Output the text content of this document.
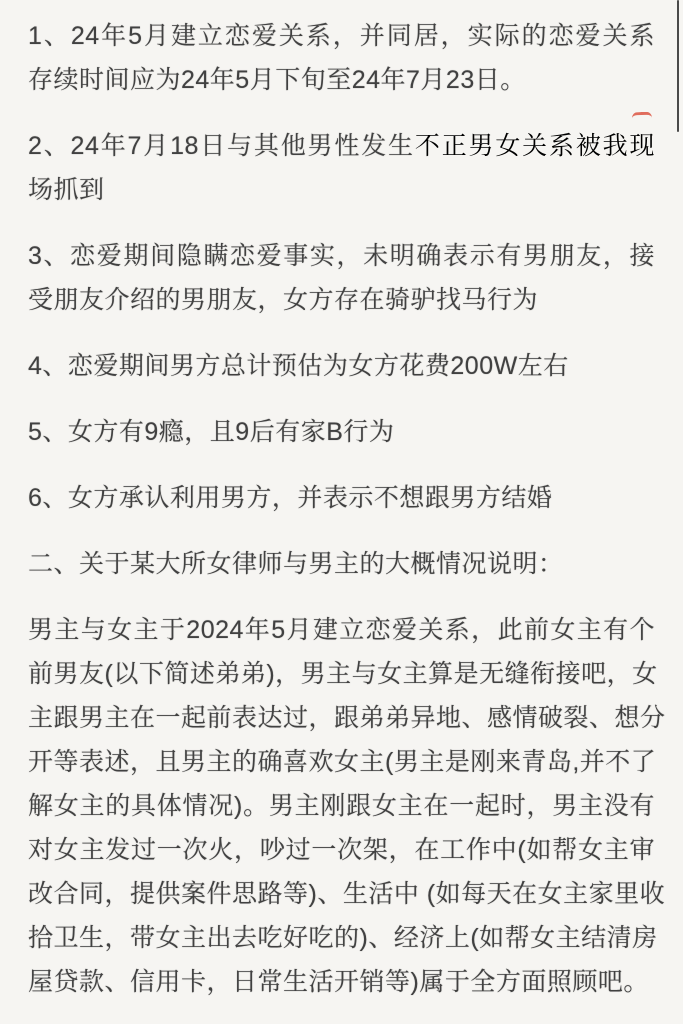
1、24年5月建立恋爱关系，并同居，实际的恋爱关系
存续时间应为24年5月下旬至24年7月23日。
2、24年7月18日与其他男性发生不正男女关系被我现
场抓到
3、恋爱期间隐瞒恋爱事实，未明确表示有男朋友，接
受朋友介绍的男朋友，女方存在骑驴找马行为
4、恋爱期间男方总计预估为女方花费200W左右
5、女方有9瘾，且9后有家B行为
6、女方承认利用男方，并表示不想跟男方结婚
二、关于某大所女律师与男主的大概情况说明：
男主与女主于2024年5月建立恋爱关系，此前女主有个
前男友(以下简述弟弟)，男主与女主算是无缝衔接吧，女
主跟男主在一起前表达过，跟弟弟异地、感情破裂、想分
开等表述，且男主的确喜欢女主(男主是刚来青岛,并不了
解女主的具体情况)。男主刚跟女主在一起时，男主没有
对女主发过一次火，吵过一次架，在工作中(如帮女主审
改合同，提供案件思路等)、生活中 (如每天在女主家里收
拾卫生，带女主出去吃好吃的)、经济上(如帮女主结清房
屋贷款、信用卡，日常生活开销等)属于全方面照顾吧。
